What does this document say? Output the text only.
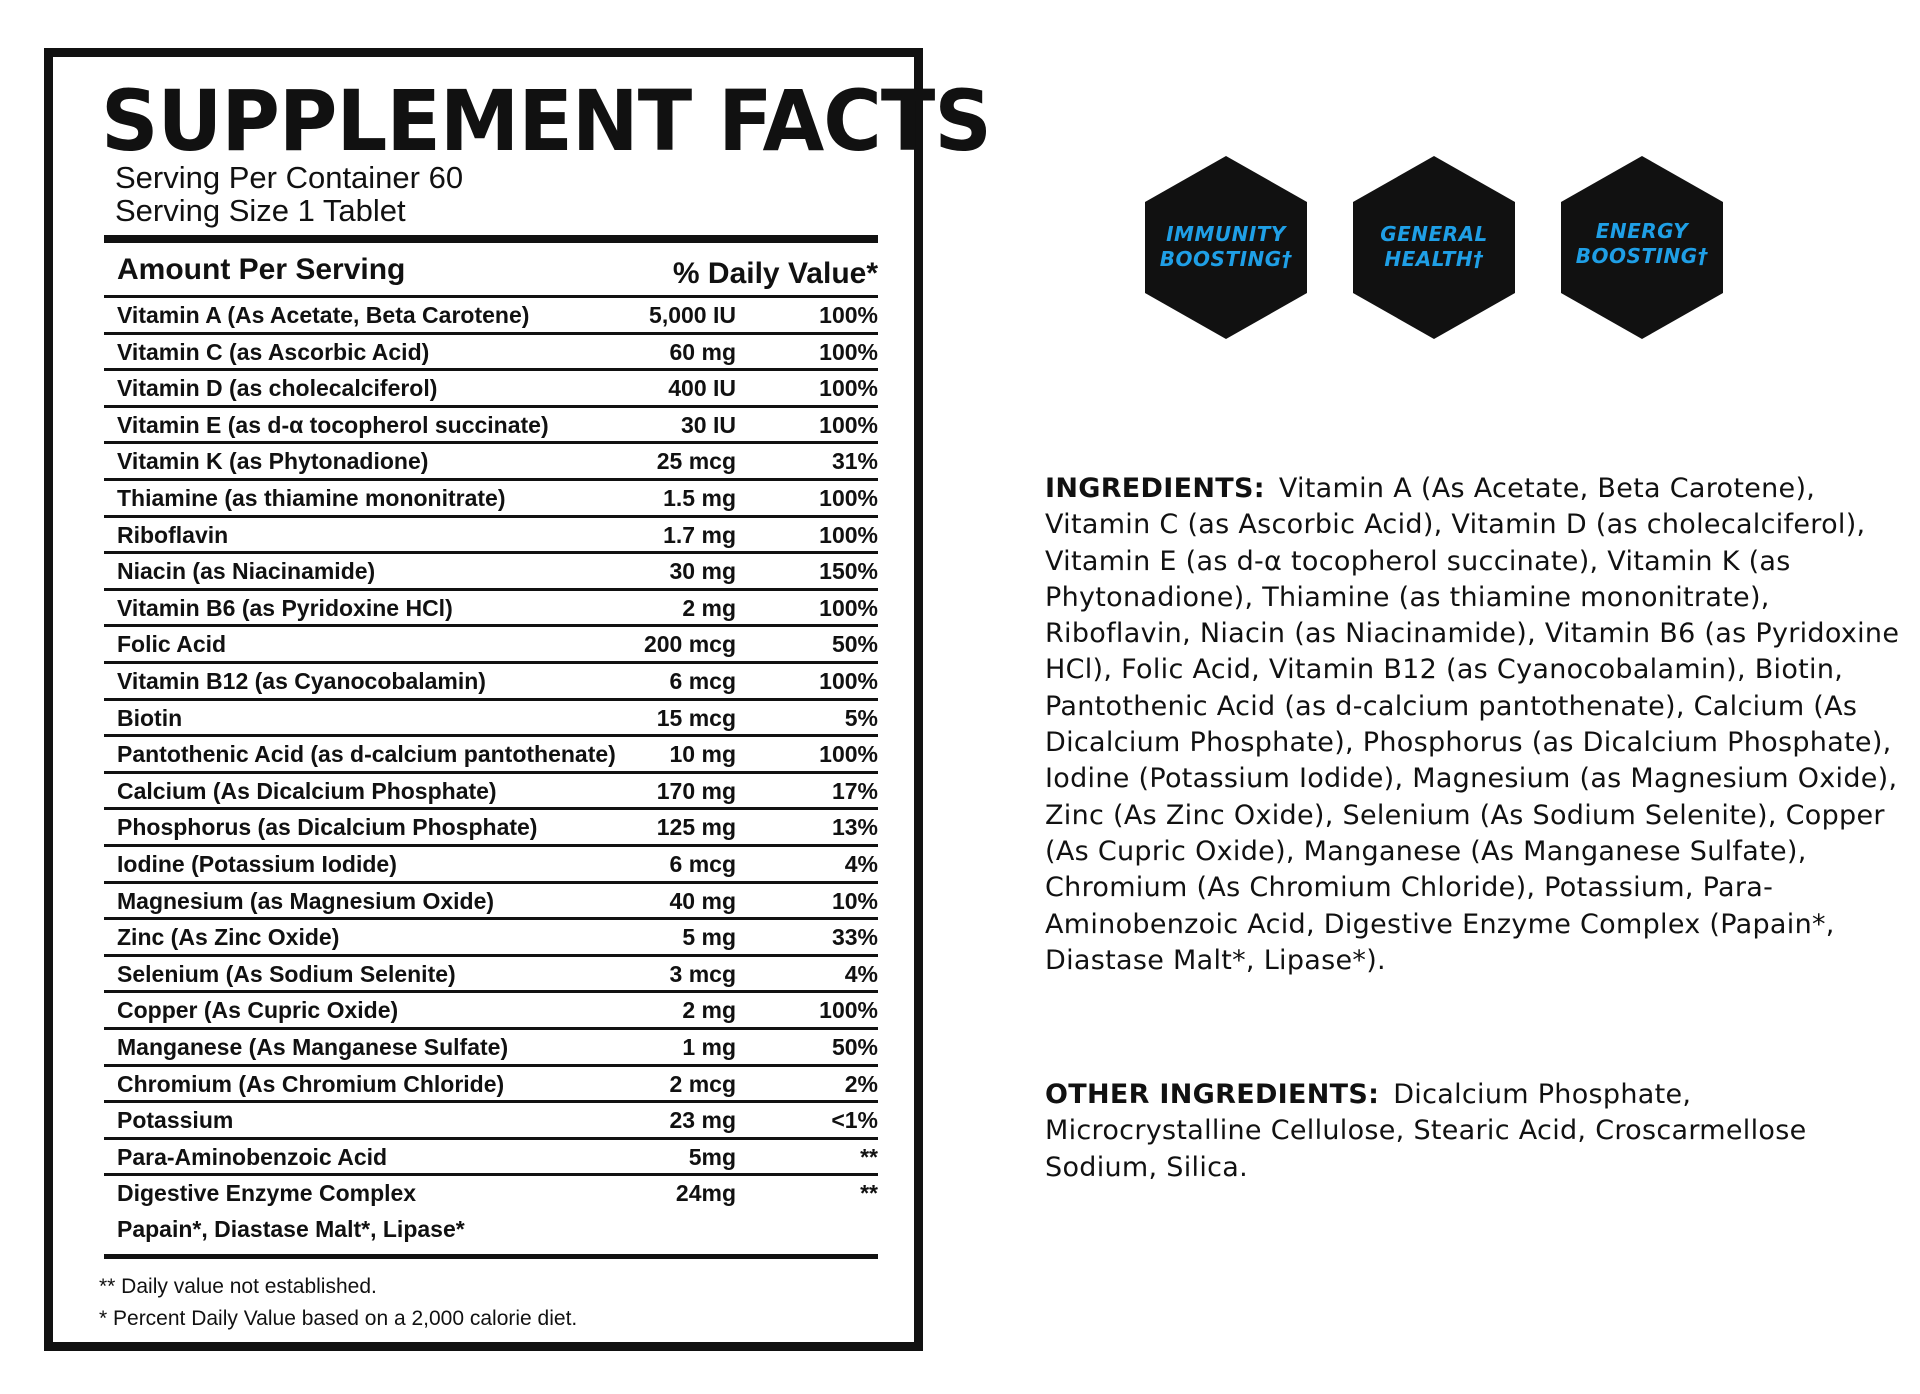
SUPPLEMENT FACTS
Serving Per Container 60
Serving Size 1 Tablet
Amount Per Serving	% Daily Value*
Vitamin A (As Acetate, Beta Carotene)	5,000 IU	100%
Vitamin C (as Ascorbic Acid)	60 mg	100%
Vitamin D (as cholecalciferol)	400 IU	100%
Vitamin E (as d-α tocopherol succinate)	30 IU	100%
Vitamin K (as Phytonadione)	25 mcg	31%
Thiamine (as thiamine mononitrate)	1.5 mg	100%
Riboflavin	1.7 mg	100%
Niacin (as Niacinamide)	30 mg	150%
Vitamin B6 (as Pyridoxine HCl)	2 mg	100%
Folic Acid	200 mcg	50%
Vitamin B12 (as Cyanocobalamin)	6 mcg	100%
Biotin	15 mcg	5%
Pantothenic Acid (as d-calcium pantothenate) 10 mg	100%
Calcium (As Dicalcium Phosphate)	170 mg	17%
Phosphorus (as Dicalcium Phosphate)	125 mg	13%
Iodine (Potassium Iodide)	6 mcg	4%
Magnesium (as Magnesium Oxide)	40 mg	10%
Zinc (As Zinc Oxide)	5 mg	33%
Selenium (As Sodium Selenite)	3 mcg	4%
Copper (As Cupric Oxide)	2 mg	100%
Manganese (As Manganese Sulfate)	1 mg	50%
Chromium (As Chromium Chloride)	2 mcg	2%
Potassium	23 mg	<1%
Para-Aminobenzoic Acid	5mg	**
Digestive Enzyme Complex	24mg	**
Papain*, Diastase Malt*, Lipase*
** Daily value not established.
* Percent Daily Value based on a 2,000 calorie diet.
IMMUNITY
BOOSTING†
GENERAL
HEALTH†
ENERGY
BOOSTING†
INGREDIENTS: Vitamin A (As Acetate, Beta Carotene), Vitamin C (as Ascorbic Acid), Vitamin D (as cholecalciferol), Vitamin E (as d-α tocopherol succinate), Vitamin K (as Phytonadione), Thiamine (as thiamine mononitrate), Riboflavin, Niacin (as Niacinamide), Vitamin B6 (as Pyridoxine HCl), Folic Acid, Vitamin B12 (as Cyanocobalamin), Biotin, Pantothenic Acid (as d-calcium pantothenate), Calcium (As Dicalcium Phosphate), Phosphorus (as Dicalcium Phosphate), Iodine (Potassium Iodide), Magnesium (as Magnesium Oxide), Zinc (As Zinc Oxide), Selenium (As Sodium Selenite), Copper (As Cupric Oxide), Manganese (As Manganese Sulfate), Chromium (As Chromium Chloride), Potassium, Para-Aminobenzoic Acid, Digestive Enzyme Complex (Papain*, Diastase Malt*, Lipase*).
OTHER INGREDIENTS: Dicalcium Phosphate, Microcrystalline Cellulose, Stearic Acid, Croscarmellose Sodium, Silica.
